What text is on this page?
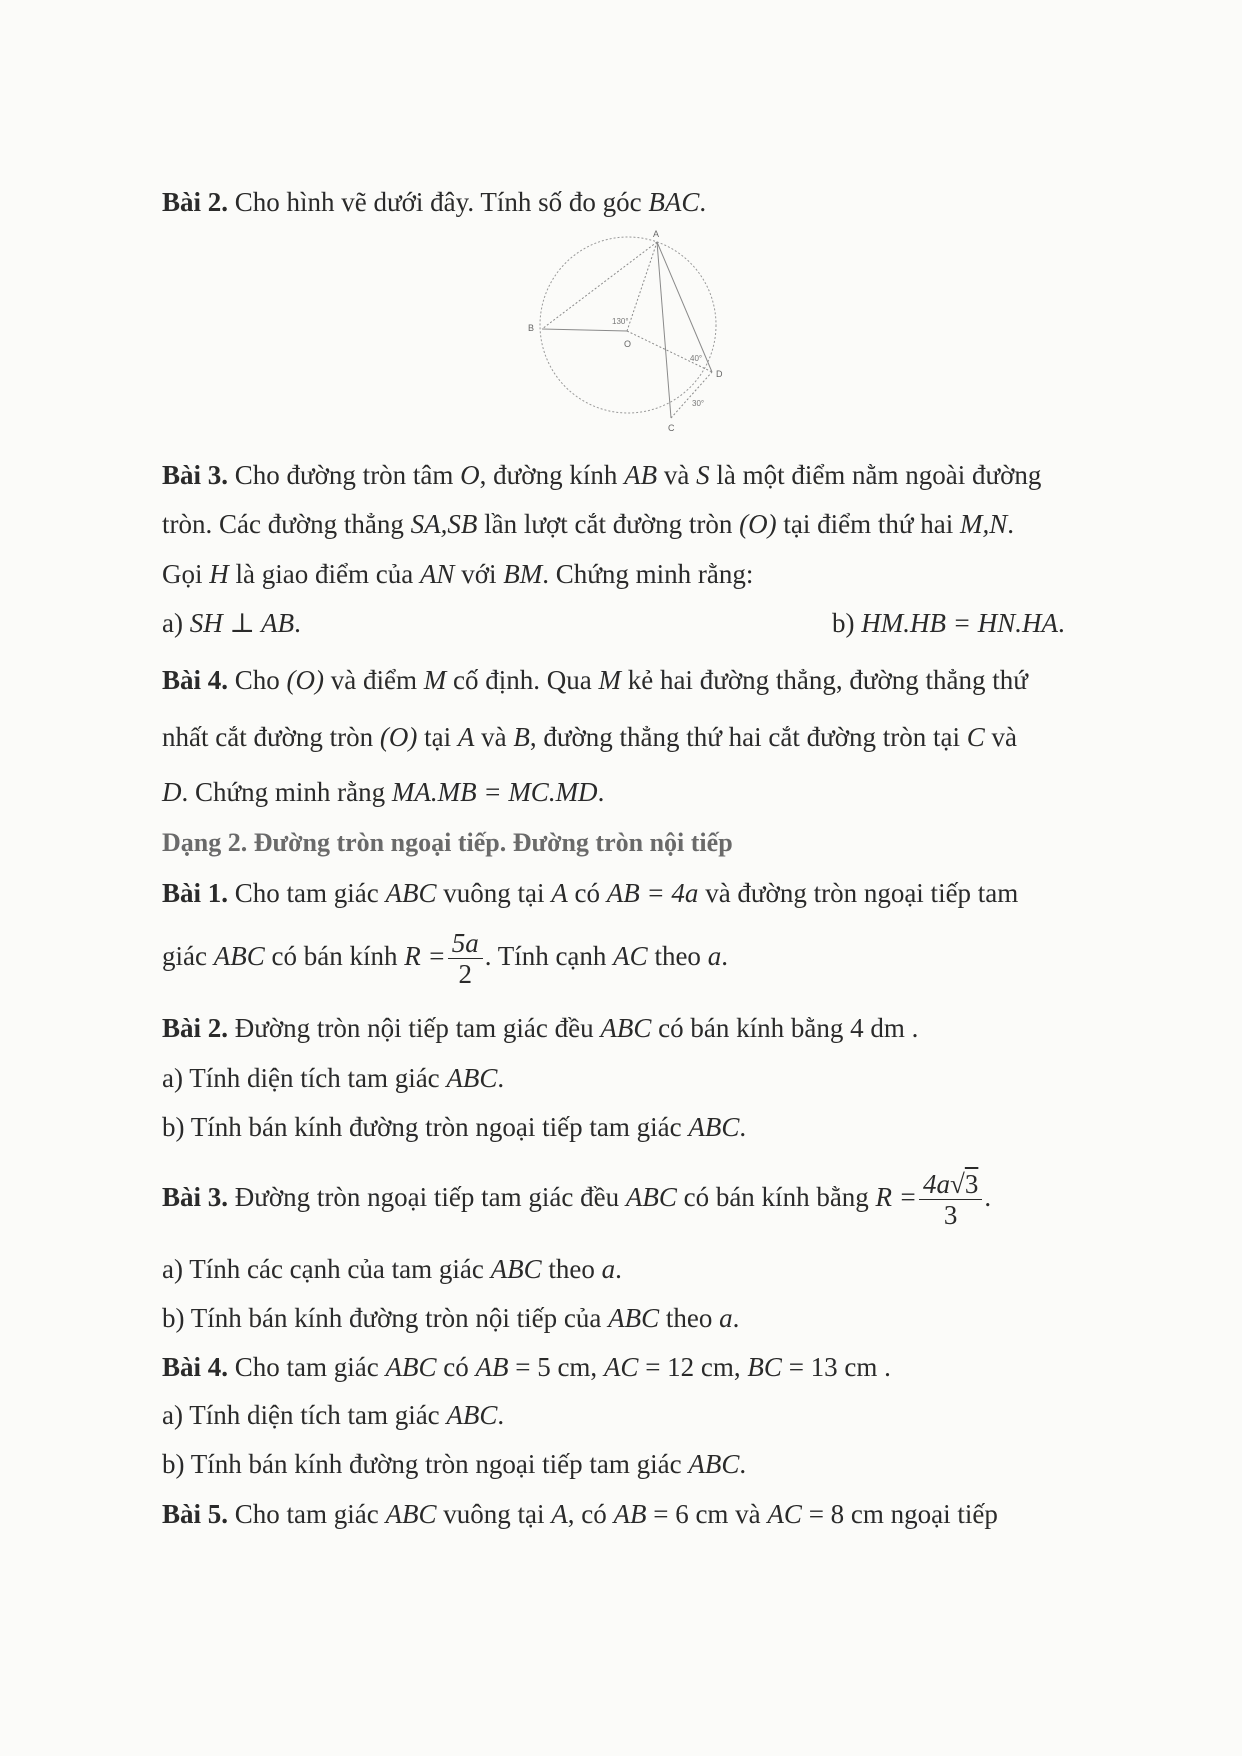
Bài 2. Cho hình vẽ dưới đây. Tính số đo góc BAC.
A
B
C
D
O
130°
40°
30°
Bài 3. Cho đường tròn tâm O, đường kính AB và S là một điểm nằm ngoài đường
tròn. Các đường thẳng SA,SB lần lượt cắt đường tròn (O) tại điểm thứ hai M,N.
Gọi H là giao điểm của AN với BM. Chứng minh rằng:
a) SH ⊥ AB.	b) HM.HB = HN.HA.
Bài 4. Cho (O) và điểm M cố định. Qua M kẻ hai đường thẳng, đường thẳng thứ
nhất cắt đường tròn (O) tại A và B, đường thẳng thứ hai cắt đường tròn tại C và
D. Chứng minh rằng MA.MB = MC.MD.
Dạng 2. Đường tròn ngoại tiếp. Đường tròn nội tiếp
Bài 1. Cho tam giác ABC vuông tại A có AB = 4a và đường tròn ngoại tiếp tam
giác ABC có bán kính $R = \frac{5a}{2}$ . Tính cạnh AC theo a.
Bài 2. Đường tròn nội tiếp tam giác đều ABC có bán kính bằng 4 dm .
a) Tính diện tích tam giác ABC.
b) Tính bán kính đường tròn ngoại tiếp tam giác ABC.
Bài 3. Đường tròn ngoại tiếp tam giác đều ABC có bán kính bằng $R = \frac{4a√3}{3}$ .
a) Tính các cạnh của tam giác ABC theo a.
b) Tính bán kính đường tròn nội tiếp của ABC theo a.
Bài 4. Cho tam giác ABC có AB = 5 cm, AC = 12 cm, BC = 13 cm .
a) Tính diện tích tam giác ABC.
b) Tính bán kính đường tròn ngoại tiếp tam giác ABC.
Bài 5. Cho tam giác ABC vuông tại A, có AB = 6 cm và AC = 8 cm ngoại tiếp
